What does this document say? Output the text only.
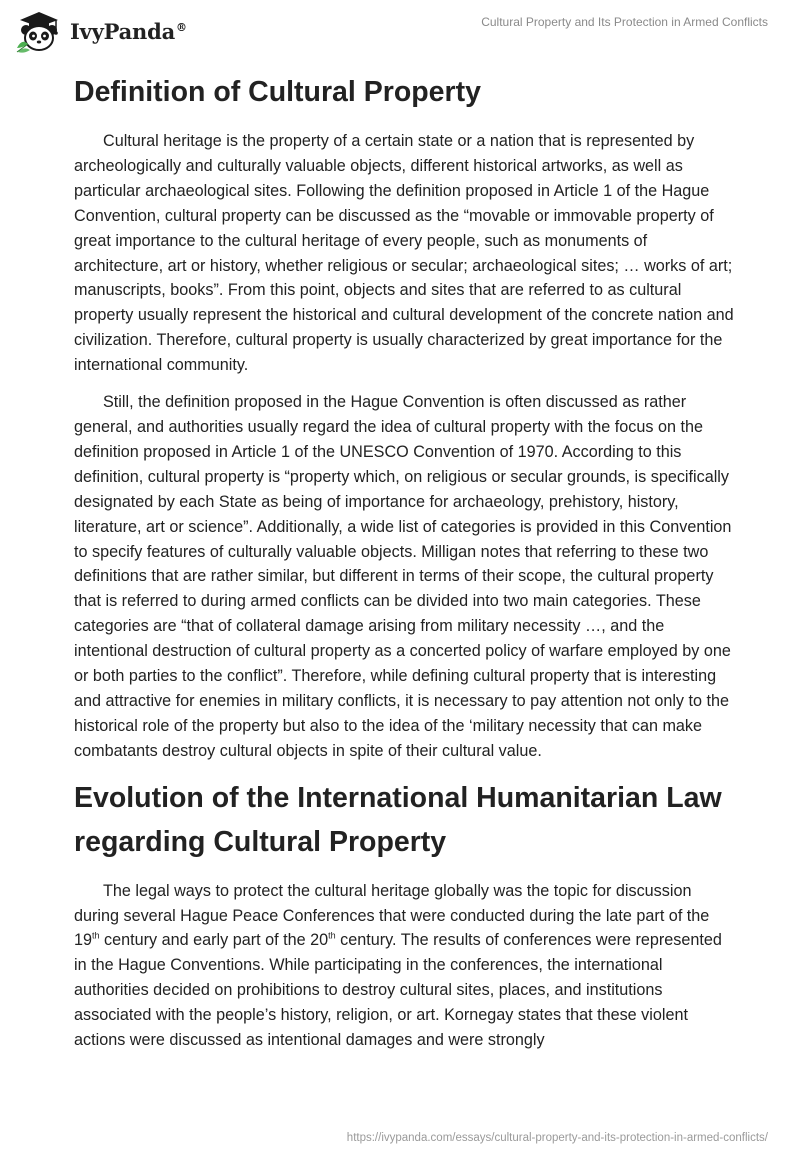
IvyPanda®	Cultural Property and Its Protection in Armed Conflicts
Definition of Cultural Property

Cultural heritage is the property of a certain state or a nation that is represented by archeologically and culturally valuable objects, different historical artworks, as well as particular archaeological sites. Following the definition proposed in Article 1 of the Hague Convention, cultural property can be discussed as the “movable or immovable property of great importance to the cultural heritage of every people, such as monuments of architecture, art or history, whether religious or secular; archaeological sites; … works of art; manuscripts, books”. From this point, objects and sites that are referred to as cultural property usually represent the historical and cultural development of the concrete nation and civilization. Therefore, cultural property is usually characterized by great importance for the international community.

Still, the definition proposed in the Hague Convention is often discussed as rather general, and authorities usually regard the idea of cultural property with the focus on the definition proposed in Article 1 of the UNESCO Convention of 1970. According to this definition, cultural property is “property which, on religious or secular grounds, is specifically designated by each State as being of importance for archaeology, prehistory, history, literature, art or science”. Additionally, a wide list of categories is provided in this Convention to specify features of culturally valuable objects. Milligan notes that referring to these two definitions that are rather similar, but different in terms of their scope, the cultural property that is referred to during armed conflicts can be divided into two main categories. These categories are “that of collateral damage arising from military necessity …, and the intentional destruction of cultural property as a concerted policy of warfare employed by one or both parties to the conflict”. Therefore, while defining cultural property that is interesting and attractive for enemies in military conflicts, it is necessary to pay attention not only to the historical role of the property but also to the idea of the ‘military necessity that can make combatants destroy cultural objects in spite of their cultural value.

Evolution of the International Humanitarian Law regarding Cultural Property

The legal ways to protect the cultural heritage globally was the topic for discussion during several Hague Peace Conferences that were conducted during the late part of the 19th century and early part of the 20th century. The results of conferences were represented in the Hague Conventions. While participating in the conferences, the international authorities decided on prohibitions to destroy cultural sites, places, and institutions associated with the people’s history, religion, or art. Kornegay states that these violent actions were discussed as intentional damages and were strongly

https://ivypanda.com/essays/cultural-property-and-its-protection-in-armed-conflicts/
